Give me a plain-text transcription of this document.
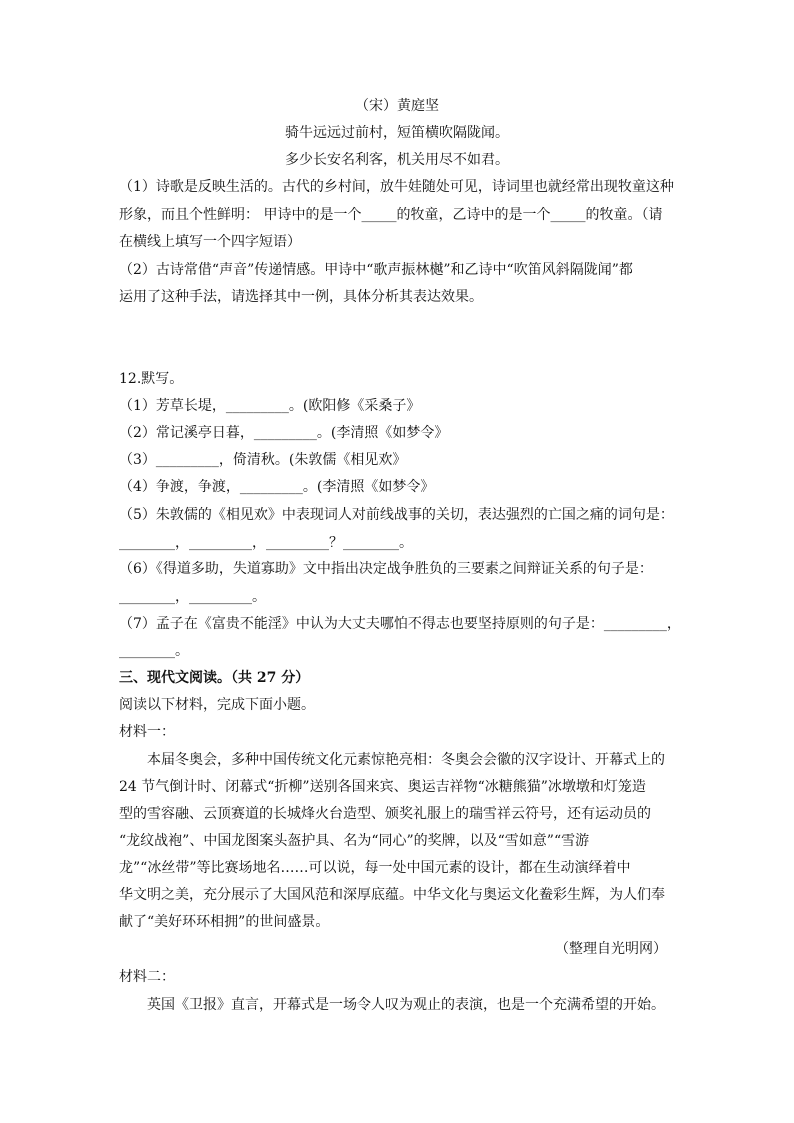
（宋）黄庭坚
骑牛远远过前村，短笛横吹隔陇闻。
多少长安名利客，机关用尽不如君。
（1）诗歌是反映生活的。古代的乡村间，放牛娃随处可见，诗词里也就经常出现牧童这种
形象，而且个性鲜明： 甲诗中的是一个_____的牧童，乙诗中的是一个_____的牧童。（请
在横线上填写一个四字短语）
（2）古诗常借“声音”传递情感。甲诗中“歌声振林樾”和乙诗中“吹笛风斜隔陇闻”都
运用了这种手法，请选择其中一例，具体分析其表达效果。
12.默写。
（1）芳草长堤，_________。(欧阳修《采桑子》
（2）常记溪亭日暮，_________。(李清照《如梦令》
（3）_________，倚清秋。(朱敦儒《相见欢》
（4）争渡，争渡，_________。(李清照《如梦令》
（5）朱敦儒的《相见欢》中表现词人对前线战事的关切，表达强烈的亡国之痛的词句是：
________，_________，_________？________。
（6）《得道多助，失道寡助》文中指出决定战争胜负的三要素之间辩证关系的句子是：
________，_________。
（7）孟子在《富贵不能淫》中认为大丈夫哪怕不得志也要坚持原则的句子是：_________，
________。
三、现代文阅读。（共 27 分）
阅读以下材料，完成下面小题。
材料一：
本届冬奥会，多种中国传统文化元素惊艳亮相：冬奥会会徽的汉字设计、开幕式上的
24 节气倒计时、闭幕式“折柳”送别各国来宾、奥运吉祥物“冰糖熊猫”冰墩墩和灯笼造
型的雪容融、云顶赛道的长城烽火台造型、颁奖礼服上的瑞雪祥云符号，还有运动员的
“龙纹战袍”、中国龙图案头盔护具、名为“同心”的奖牌，以及“雪如意”“雪游
龙”“冰丝带”等比赛场地名……可以说，每一处中国元素的设计，都在生动演绎着中
华文明之美，充分展示了大国风范和深厚底蕴。中华文化与奥运文化鲞彩生辉，为人们奉
献了“美好环环相拥”的世间盛景。
（整理自光明网）
材料二：
英国《卫报》直言，开幕式是一场令人叹为观止的表演，也是一个充满希望的开始。
